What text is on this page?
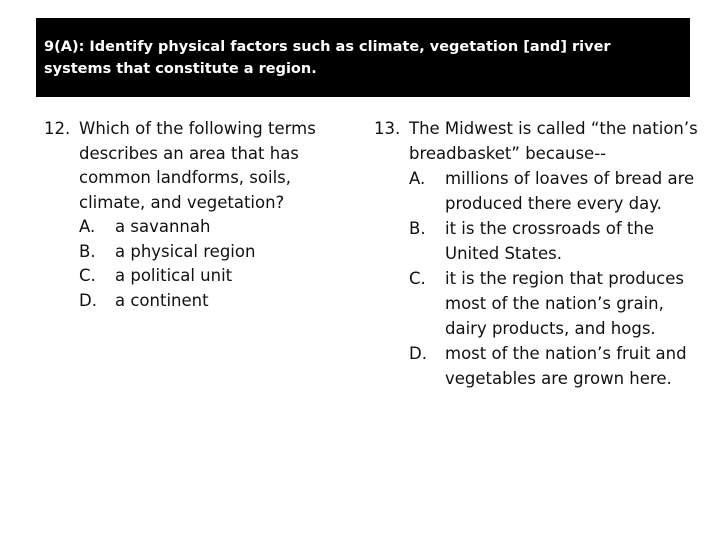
9(A): Identify physical factors such as climate, vegetation [and] river systems that constitute a region.
12. Which of the following terms describes an area that has common landforms, soils, climate, and vegetation?
A.	a savannah
B.	a physical region
C.	a political unit
D.	a continent
13. The Midwest is called “the nation’s breadbasket” because--
A.	millions of loaves of bread are produced there every day.
B.	it is the crossroads of the United States.
C.	it is the region that produces most of the nation’s grain, dairy products, and hogs.
D.	most of the nation’s fruit and vegetables are grown here.
